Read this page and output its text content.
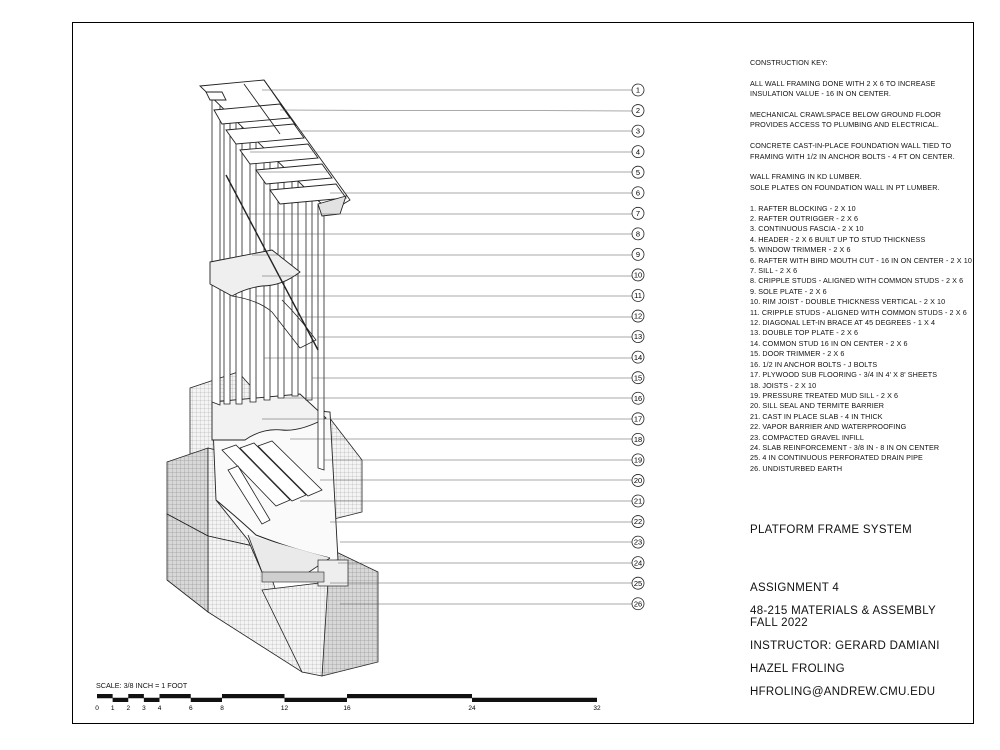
1
2
3
4
5
6
7
8
9
10
11
12
13
14
15
16
17
18
19
20
21
22
23
24
25
26
0 1 2 3 4	6	8	12	16	24	32

CONSTRUCTION KEY:

ALL WALL FRAMING DONE WITH 2 X 6 TO INCREASE INSULATION VALUE - 16 IN ON CENTER.

MECHANICAL CRAWLSPACE BELOW GROUND FLOOR PROVIDES ACCESS TO PLUMBING AND ELECTRICAL.

CONCRETE CAST-IN-PLACE FOUNDATION WALL TIED TO FRAMING WITH 1/2 IN ANCHOR BOLTS - 4 FT ON CENTER.

WALL FRAMING IN KD LUMBER.

SOLE PLATES ON FOUNDATION WALL IN PT LUMBER.

1. RAFTER BLOCKING - 2 X 10
2. RAFTER OUTRIGGER - 2 X 6
3. CONTINUOUS FASCIA - 2 X 10
4. HEADER - 2 X 6 BUILT UP TO STUD THICKNESS
5. WINDOW TRIMMER - 2 X 6
6. RAFTER WITH BIRD MOUTH CUT - 16 IN ON CENTER - 2 X 10
7. SILL - 2 X 6
8. CRIPPLE STUDS - ALIGNED WITH COMMON STUDS - 2 X 6
9. SOLE PLATE - 2 X 6
10. RIM JOIST - DOUBLE THICKNESS VERTICAL - 2 X 10
11. CRIPPLE STUDS - ALIGNED WITH COMMON STUDS - 2 X 6
12. DIAGONAL LET-IN BRACE AT 45 DEGREES - 1 X 4
13. DOUBLE TOP PLATE - 2 X 6
14. COMMON STUD 16 IN ON CENTER - 2 X 6
15. DOOR TRIMMER - 2 X 6
16. 1/2 IN ANCHOR BOLTS - J BOLTS
17. PLYWOOD SUB FLOORING - 3/4 IN 4' X 8' SHEETS
18. JOISTS - 2 X 10
19. PRESSURE TREATED MUD SILL - 2 X 6
20. SILL SEAL AND TERMITE BARRIER
21. CAST IN PLACE SLAB - 4 IN THICK
22. VAPOR BARRIER AND WATERPROOFING
23. COMPACTED GRAVEL INFILL
24. SLAB REINFORCEMENT - 3/8 IN - 8 IN ON CENTER
25. 4 IN CONTINUOUS PERFORATED DRAIN PIPE
26. UNDISTURBED EARTH
PLATFORM FRAME SYSTEM
ASSIGNMENT 4
48-215 MATERIALS & ASSEMBLY
FALL 2022
INSTRUCTOR: GERARD DAMIANI
HAZEL FROLING
HFROLING@ANDREW.CMU.EDU
SCALE: 3/8 INCH = 1 FOOT
